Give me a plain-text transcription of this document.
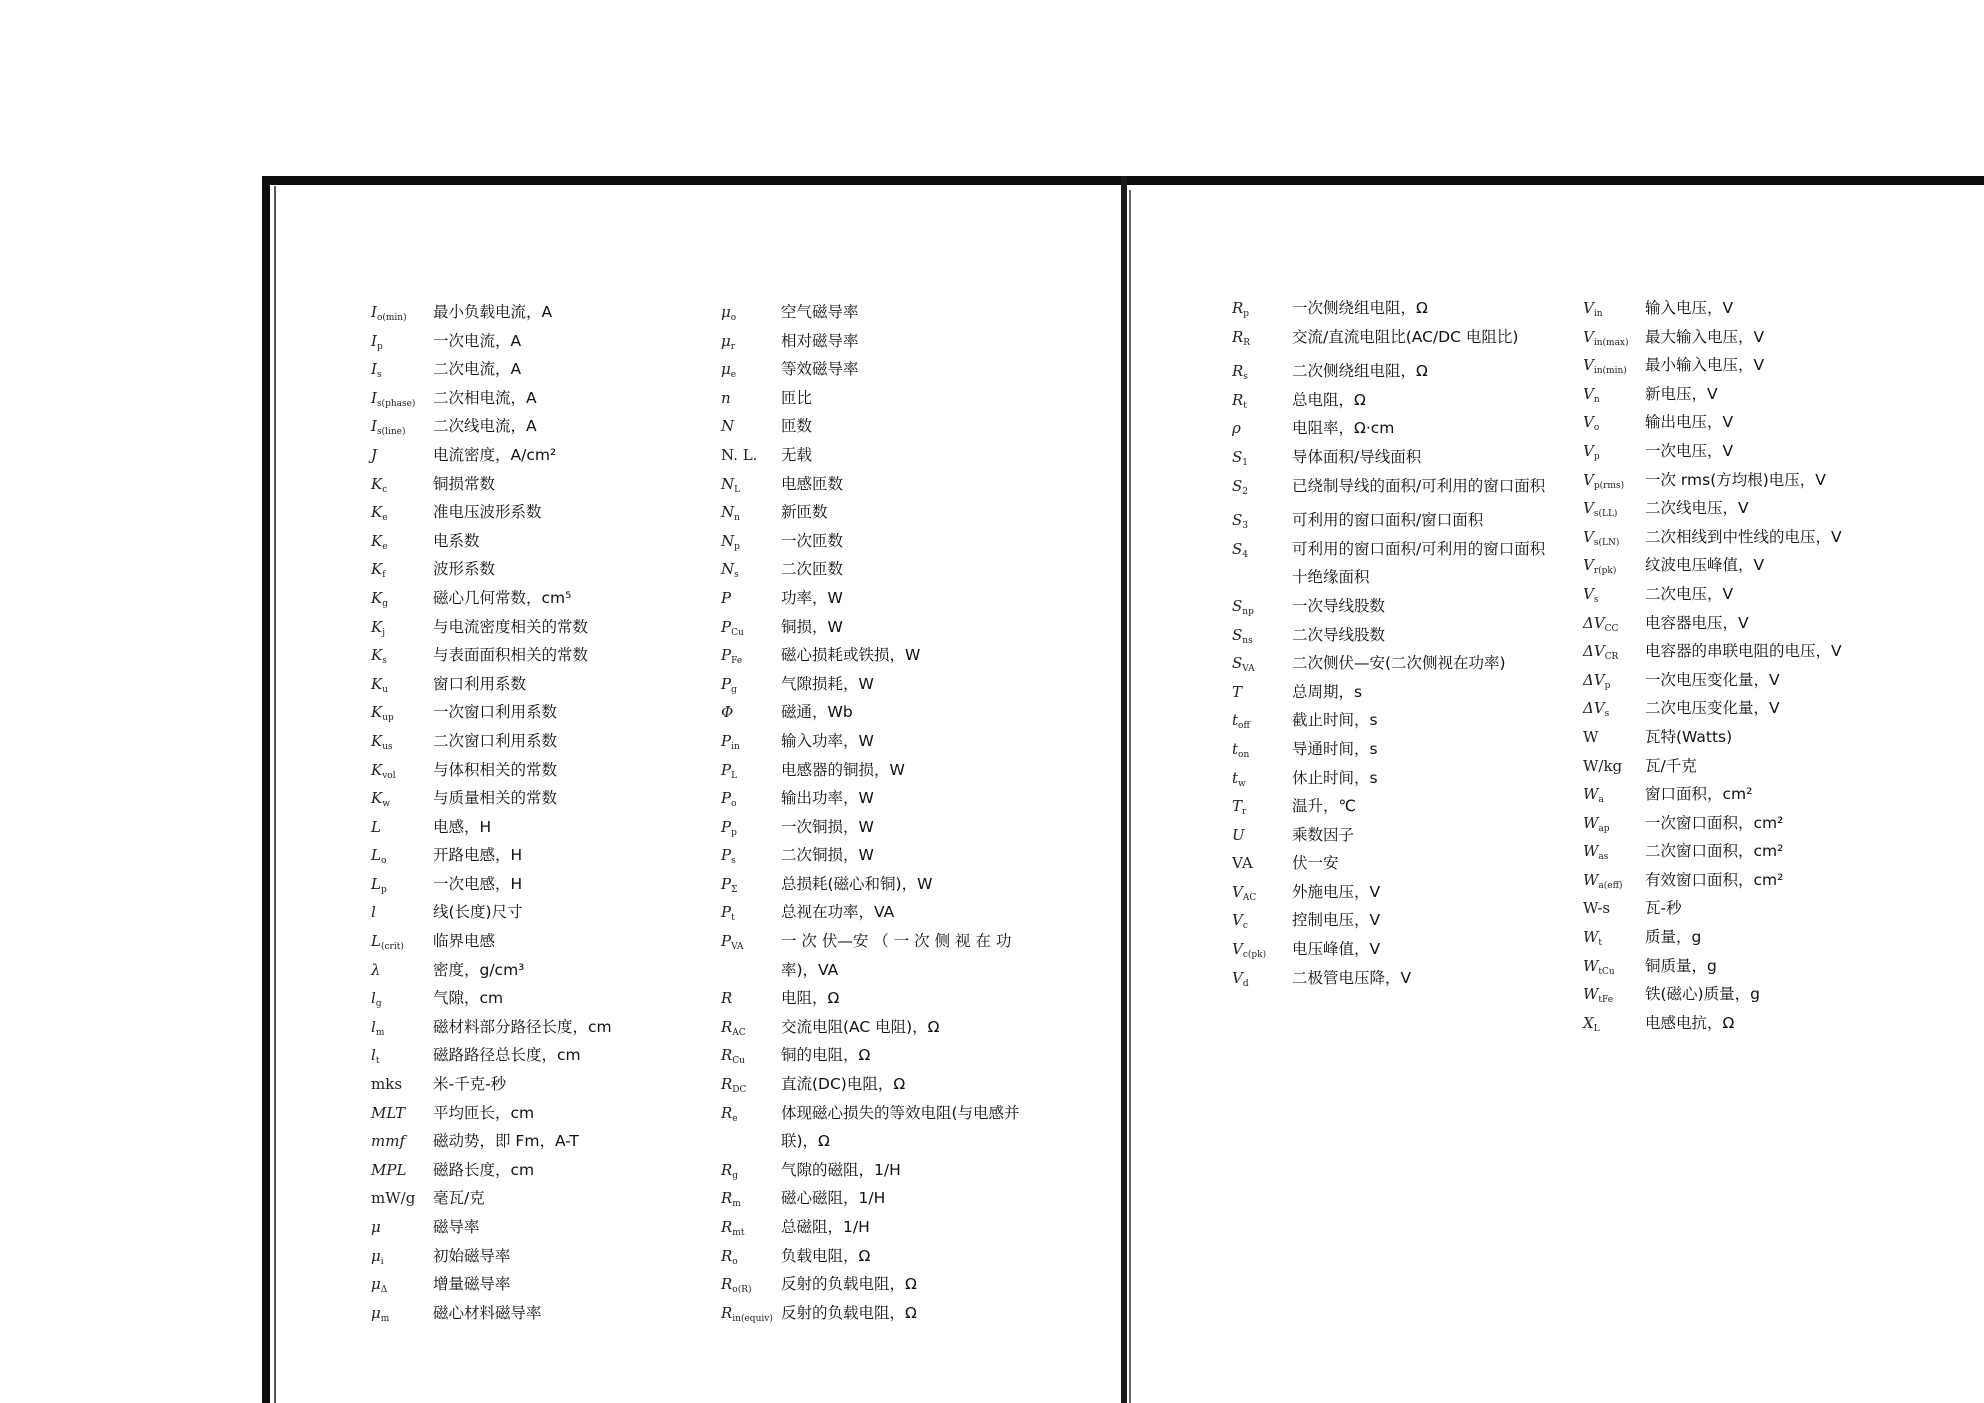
$I_{o(min)}$	最小负载电流，A
$I_p$	一次电流，A
$I_s$	二次电流，A
$I_{s(phase)}$	二次相电流，A
$I_{s(line)}$	二次线电流，A
J	电流密度，A/cm²
$K_c$	铜损常数
$K_e$	准电压波形系数
$K_e$	电系数
$K_f$	波形系数
$K_g$	磁心几何常数，cm⁵
$K_j$	与电流密度相关的常数
$K_s$	与表面面积相关的常数
$K_u$	窗口利用系数
$K_{up}$	一次窗口利用系数
$K_{us}$	二次窗口利用系数
$K_{vol}$	与体积相关的常数
$K_w$	与质量相关的常数
L	电感，H
$L_o$	开路电感，H
$L_p$	一次电感，H
l	线(长度)尺寸
$L_{(crit)}$	临界电感
λ	密度，g/cm³
$l_g$	气隙，cm
$l_m$	磁材料部分路径长度，cm
$l_t$	磁路路径总长度，cm
mks	米-千克-秒
MLT	平均匝长，cm
mmf	磁动势，即 Fm，A-T
MPL	磁路长度，cm
mW/g	毫瓦/克
μ	磁导率
$\mu_i$	初始磁导率
$\mu_\Delta$	增量磁导率
$\mu_m$	磁心材料磁导率
$\mu_o$	空气磁导率
$\mu_r$	相对磁导率
$\mu_e$	等效磁导率
n	匝比
N	匝数
N. L.	无载
$N_L$	电感匝数
$N_n$	新匝数
$N_p$	一次匝数
$N_s$	二次匝数
P	功率，W
$P_{Cu}$	铜损，W
$P_{Fe}$	磁心损耗或铁损，W
$P_g$	气隙损耗，W
Φ	磁通，Wb
$P_{in}$	输入功率，W
$P_L$	电感器的铜损，W
$P_o$	输出功率，W
$P_p$	一次铜损，W
$P_s$	二次铜损，W
$P_\Sigma$	总损耗(磁心和铜)，W
$P_t$	总视在功率，VA
$P_{VA}$	一 次 伏—安 （ 一 次 侧 视 在 功 率)，VA
R	电阻，Ω
$R_{AC}$	交流电阻(AC 电阻)，Ω
$R_{Cu}$	铜的电阻，Ω
$R_{DC}$	直流(DC)电阻，Ω
$R_e$	体现磁心损失的等效电阻(与电感并联)，Ω
$R_g$	气隙的磁阻，1/H
$R_m$	磁心磁阻，1/H
$R_{mt}$	总磁阻，1/H
$R_o$	负载电阻，Ω
$R_{o(R)}$	反射的负载电阻，Ω
$R_{in(equiv)}$ 反射的负载电阻，Ω
$R_p$	一次侧绕组电阻，Ω
$R_R$	交流/直流电阻比(AC/DC 电阻比)
$R_s$	二次侧绕组电阻，Ω
$R_t$	总电阻，Ω
ρ	电阻率，Ω·cm
$S_1$	导体面积/导线面积
$S_2$	已绕制导线的面积/可利用的窗口面积
$S_3$	可利用的窗口面积/窗口面积
$S_4$	可利用的窗口面积/可利用的窗口面积十绝缘面积
$S_{np}$	一次导线股数
$S_{ns}$	二次导线股数
$S_{VA}$	二次侧伏—安(二次侧视在功率)
T	总周期，s
$t_{off}$	截止时间，s
$t_{on}$	导通时间，s
$t_w$	休止时间，s
$T_r$	温升，℃
U	乘数因子
VA	伏一安
$V_{AC}$	外施电压，V
$V_c$	控制电压，V
$V_{c(pk)}$	电压峰值，V
$V_d$	二极管电压降，V
$V_{in}$	输入电压，V
$V_{in(max)}$	最大输入电压，V
$V_{in(min)}$	最小输入电压，V
$V_n$	新电压，V
$V_o$	输出电压，V
$V_p$	一次电压，V
$V_{p(rms)}$	一次 rms(方均根)电压，V
$V_{s(LL)}$	二次线电压，V
$V_{s(LN)}$	二次相线到中性线的电压，V
$V_{r(pk)}$	纹波电压峰值，V
$V_s$	二次电压，V
$\Delta V_{CC}$	电容器电压，V
$\Delta V_{CR}$	电容器的串联电阻的电压，V
$\Delta V_p$	一次电压变化量，V
$\Delta V_s$	二次电压变化量，V
W	瓦特(Watts)
W/kg	瓦/千克
$W_a$	窗口面积，cm²
$W_{ap}$	一次窗口面积，cm²
$W_{as}$	二次窗口面积，cm²
$W_{a(eff)}$	有效窗口面积，cm²
W-s	瓦-秒
$W_t$	质量，g
$W_{tCu}$	铜质量，g
$W_{tFe}$	铁(磁心)质量，g
$X_L$	电感电抗，Ω
